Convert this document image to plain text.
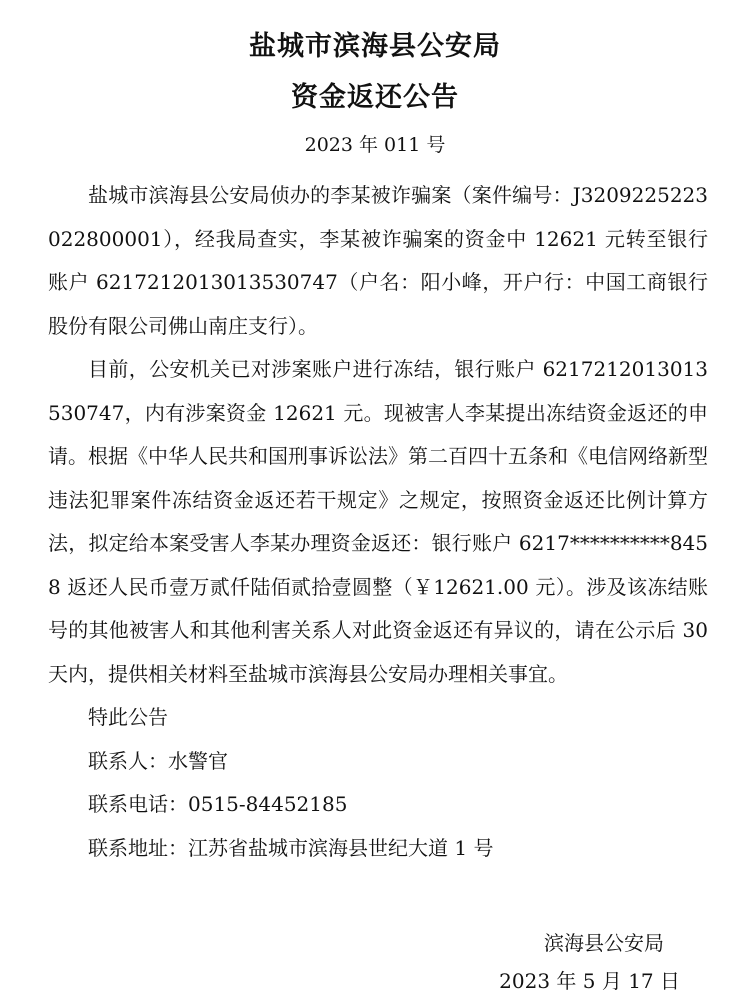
盐城市滨海县公安局
资金返还公告
2023 年 011 号

盐城市滨海县公安局侦办的李某被诈骗案（案件编号：J3209225223022800001），经我局查实，李某被诈骗案的资金中 12621 元转至银行账户 6217212013013530747（户名：阳小峰，开户行：中国工商银行股份有限公司佛山南庄支行）。

目前，公安机关已对涉案账户进行冻结，银行账户 6217212013013530747，内有涉案资金 12621 元。现被害人李某提出冻结资金返还的申请。根据《中华人民共和国刑事诉讼法》第二百四十五条和《电信网络新型违法犯罪案件冻结资金返还若干规定》之规定，按照资金返还比例计算方法，拟定给本案受害人李某办理资金返还：银行账户 6217**********8458 返还人民币壹万贰仟陆佰贰拾壹圆整（￥12621.00 元）。涉及该冻结账号的其他被害人和其他利害关系人对此资金返还有异议的，请在公示后 30 天内，提供相关材料至盐城市滨海县公安局办理相关事宜。

特此公告

联系人：水警官

联系电话：0515-84452185

联系地址：江苏省盐城市滨海县世纪大道 1 号

滨海县公安局
2023 年 5 月 17 日
